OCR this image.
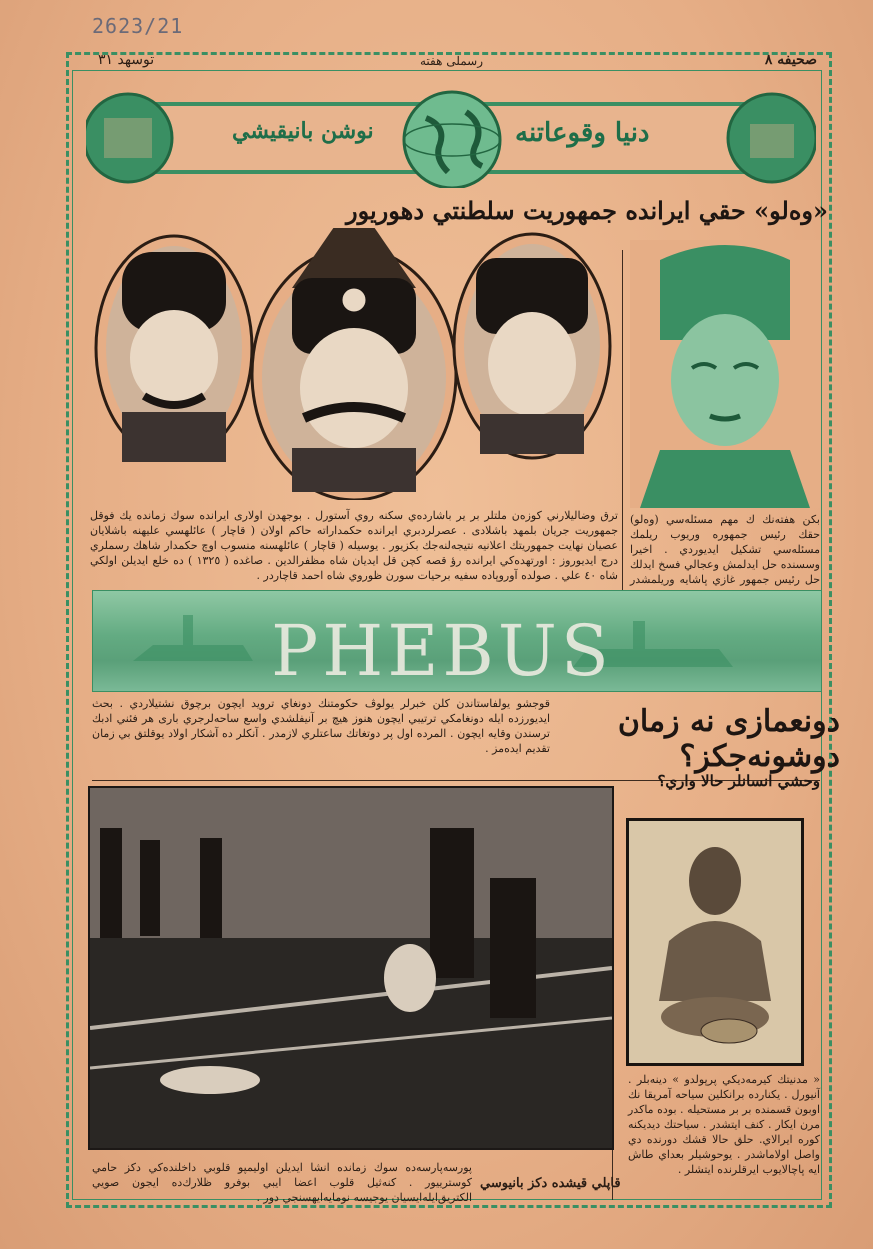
2623/21
صحيفه ٨
رسملی هفته
توسهد ٣١
دنيا وقوعاتنه
نوشن بانيقيشي
«وه‌لو» حقي ايرانده جمهوريت سلطنتي دهوريور
ترق وضاليلارني كوزه‌ن ملتلر بر ير باشارده‌ي سكنه روي آستورل . بوجهدن اولارى ايرانده سوك زمانده يك فوقل جمهوريت جريان بلمهد باشلادى . عصرلردبري ايرانده حكمداراته حاكم اولان ( قاچار ) عائلهسي عليهنه باشلايان عصيان نهايت جمهوريتك اعلانيه نتيجه‌لنه‌جك بكزيور . يوسيله ( قاچار ) عائلهسنه منسوب اوچ حكمدار شاهك رسملري درج ايديوروز : اورتهده‌كي ايرانده رؤ قصه كچن قل ايديان شاه مظفرالدين . صاغده ( ١٣٢٥ ) ده خلع ايديلن اولكي شاه ٤٠ علي . صولده آوروپاده سفيه برحيات سورن ظوروي شاه احمد قاچاردر .
بكن هفته‌نك ك مهم مسئله‌سي (وه‌لو) حقك رئيس جمهوره وريوب ريلمك مسئله‌سي تشكيل ايديوردي . اخيرا وسسنده حل ايدلمش وعجالي فسخ ايدلك حل رئيس جمهور غازي پاشايه وريلمشدر
PHEBUS
قوجشو يولفاستاندن كلن خبرلر يولوڤ حكومتنك دونغاي ترويد ايچون برچوق نشتيلاردي . بحث ايديورزده ايله دونغامكي ترتيبي ايچون هنوز هيچ بر آنيفلشدي واسع ساحه‌لرجري بارى هر فئني ادبك ترسندن وقايه ايچون . المرده اول پر دوتغاتك ساعتلري لازمدر . آنكلر ده آشكار اولاد يوقلتق بي زمان تقديم ايده‌مز .
دونعمازی نه زمان دوشونه‌جکز؟
وحشي انسانلر حالا واري؟
« مدنيتك كيرمه‌ديكي پرپولدو » دينه‌بلر . آنيورل . يكنارده برانكلين سياحه آمريقا نك اوبون قسمنده بر بر مستحيله . بوده ماكدر مرن ايكار . كنف ايتشدر . سياحتك ديديكنه كوره ايرالاي. حلق حالا قشك دورنده دي واصل اولاماشدر . يوحوشيلر بعداي طاش ايه پاچالايوب ايرقلرنده ايتشلر .
قاپلي قيشده دكز بانيوسي
پورسه‌پارسه‌ده سوك زمانده انشا ايديلن اوليمپو قلوبي داخلنده‌كي دكز حامي كوسترييور . كنه‌ثيل قلوب اعضا ايبي بوفرو ظلارك‌ده ايجون صويي الكتريق‌ايله‌ايسيان يوجيسه نومايه‌ايهسنجي دور .
